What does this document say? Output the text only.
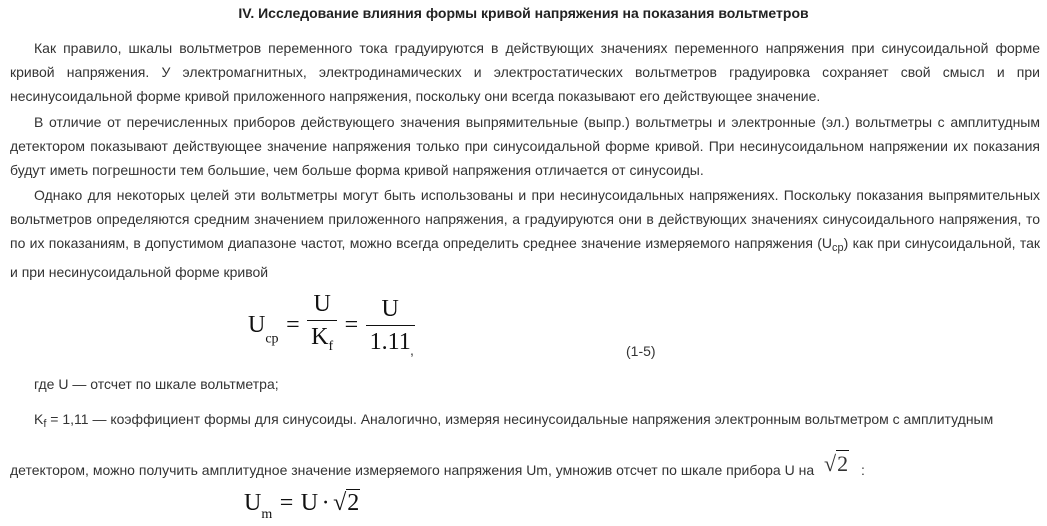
IV. Исследование влияния формы кривой напряжения на показания вольтметров

Как правило, шкалы вольтметров переменного тока градуируются в действующих значениях переменного напряжения при синусоидальной форме кривой напряжения. У электромагнитных, электродинамических и электростатических вольтметров градуировка сохраняет свой смысл и при несинусоидальной форме кривой приложенного напряжения, поскольку они всегда показывают его действующее значение.

В отличие от перечисленных приборов действующего значения выпрямительные (выпр.) вольтметры и электронные (эл.) вольтметры с амплитудным детектором показывают действующее значение напряжения только при синусоидальной форме кривой. При несинусоидальном напряжении их показания будут иметь погрешности тем большие, чем больше форма кривой напряжения отличается от синусоиды.

Однако для некоторых целей эти вольтметры могут быть использованы и при несинусоидальных напряжениях. Поскольку показания выпрямительных вольтметров определяются средним значением приложенного напряжения, а градуируются они в действующих значениях синусоидального напряжения, то по их показаниям, в допустимом диапазоне частот, можно всегда определить среднее значение измеряемого напряжения $(U_{ср})$ как при синусоидальной, так и при несинусоидальной форме кривой

Uср = $\frac{U}{K_f} = \frac{U}{1.11}$
,	(1-5)

где U — отсчет по шкале вольтметра;

$K_f = 1,11$ — коэффициент формы для синусоиды. Аналогично, измеряя несинусоидальные напряжения электронным вольтметром с амплитудным

детектором, можно получить амплитудное значение измеряемого напряжения Um, умножив отсчет по шкале прибора U на √2 :

Um = U · √2
